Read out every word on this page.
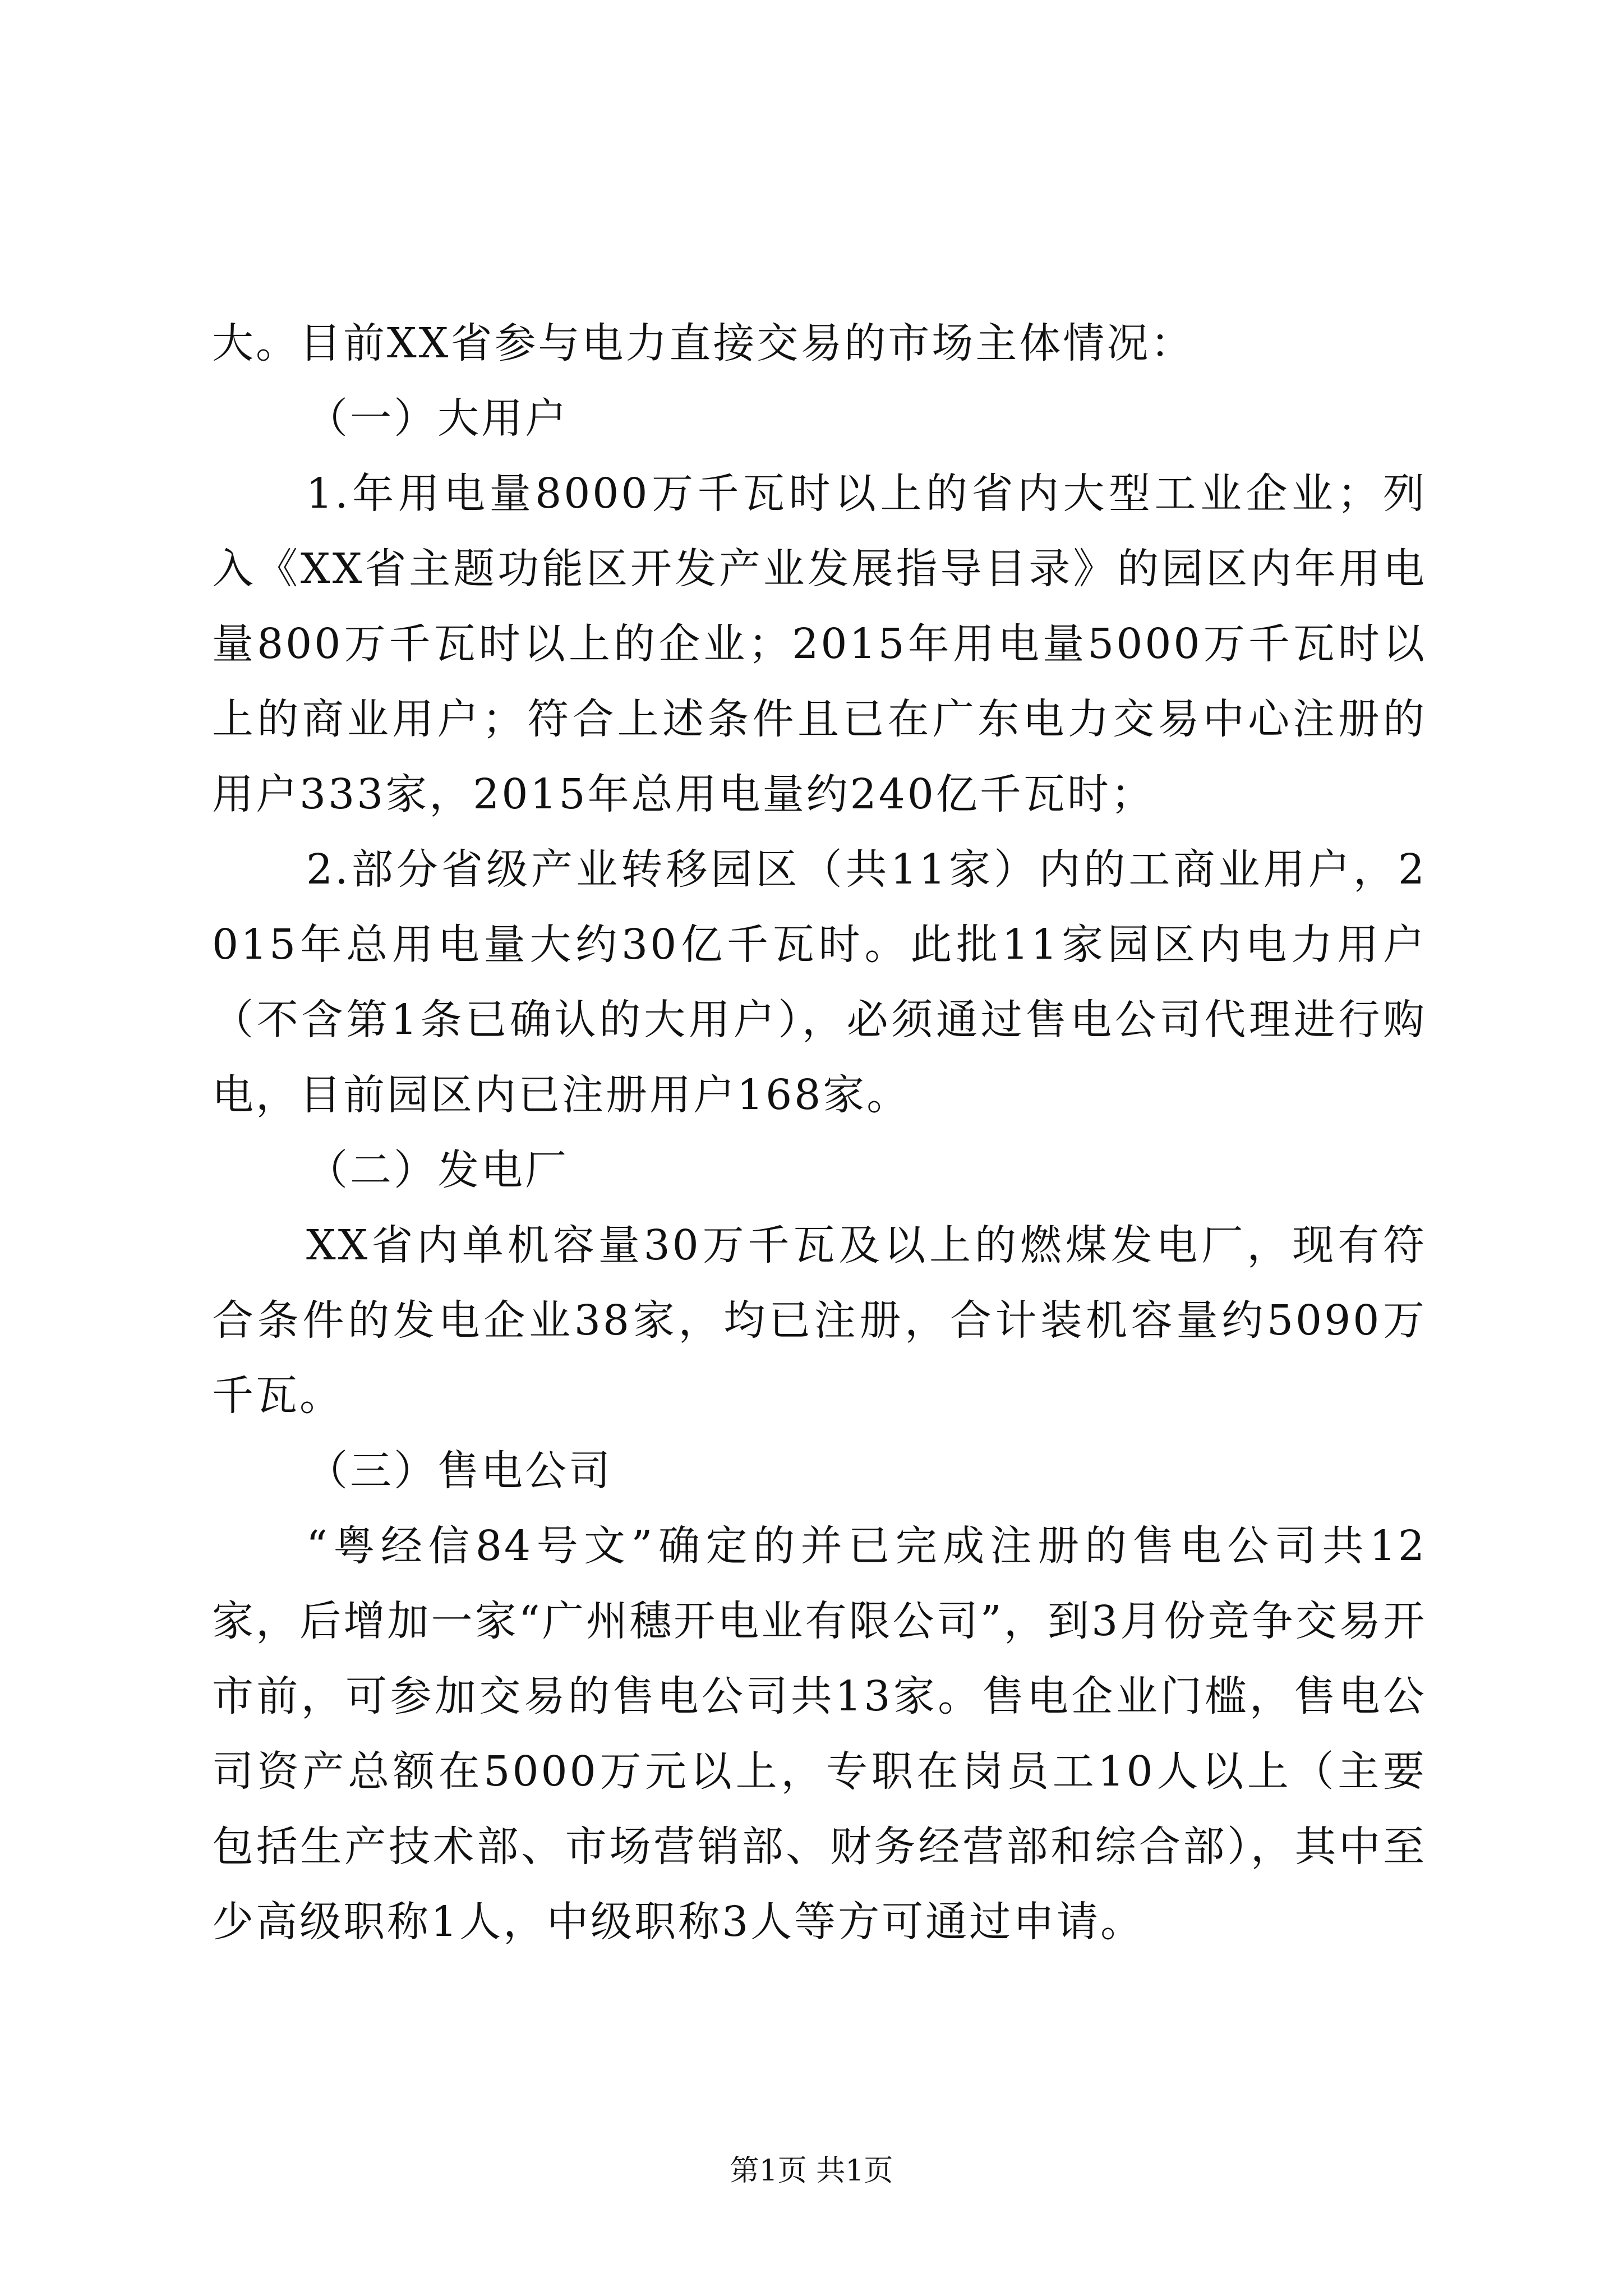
大。目前XX省参与电力直接交易的市场主体情况：

（一）大用户

1.年用电量8000万千瓦时以上的省内大型工业企业；列入《XX省主题功能区开发产业发展指导目录》的园区内年用电量800万千瓦时以上的企业；2015年用电量5000万千瓦时以上的商业用户；符合上述条件且已在广东电力交易中心注册的用户333家，2015年总用电量约240亿千瓦时；

2.部分省级产业转移园区（共11家）内的工商业用户，2015年总用电量大约30亿千瓦时。此批11家园区内电力用户（不含第1条已确认的大用户），必须通过售电公司代理进行购电，目前园区内已注册用户168家。

（二）发电厂

XX省内单机容量30万千瓦及以上的燃煤发电厂，现有符合条件的发电企业38家，均已注册，合计装机容量约5090万千瓦。

（三）售电公司

“粤经信84号文”确定的并已完成注册的售电公司共12家，后增加一家“广州穗开电业有限公司”，到3月份竞争交易开市前，可参加交易的售电公司共13家。售电企业门槛，售电公司资产总额在5000万元以上，专职在岗员工10人以上（主要包括生产技术部、市场营销部、财务经营部和综合部），其中至少高级职称1人，中级职称3人等方可通过申请。

第1页 共1页
